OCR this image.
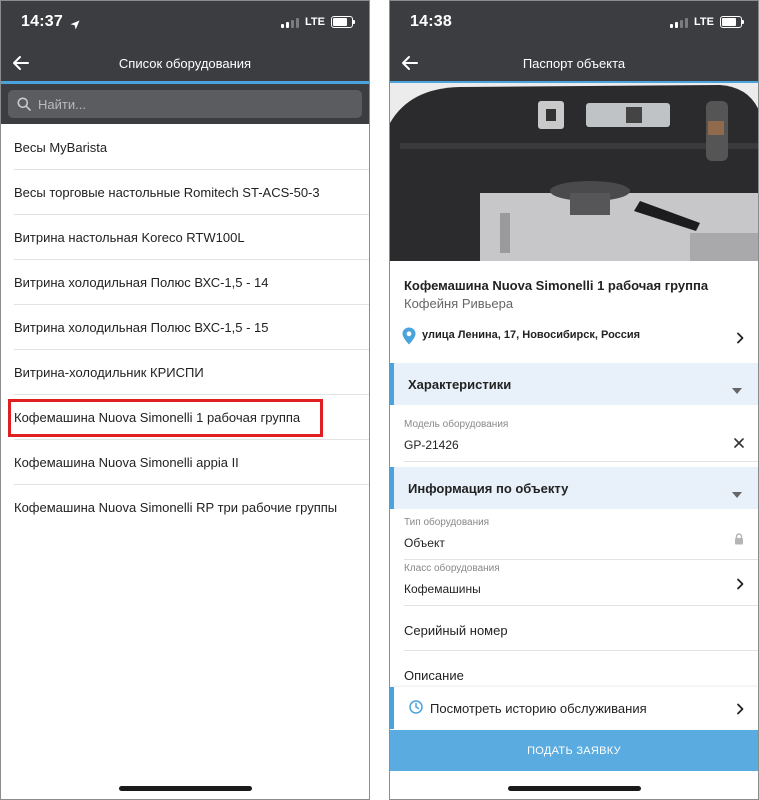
14:37	LTE
Список оборудования
Найти...
Весы MyBarista
Весы торговые настольные Romitech ST-ACS-50-3
Витрина настольная Koreco RTW100L
Витрина холодильная Полюс ВХС-1,5 - 14
Витрина холодильная Полюс ВХС-1,5 - 15
Витрина-холодильник КРИСПИ
Кофемашина Nuova Simonelli 1 рабочая группа
Кофемашина Nuova Simonelli appia II
Кофемашина Nuova Simonelli RP три рабочие группы
14:38	LTE
Паспорт объекта
Кофемашина Nuova Simonelli 1 рабочая группа
Кофейня Ривьера
улица Ленина, 17, Новосибирск, Россия
Характеристики
Модель оборудования
GP-21426
Информация по объекту
Тип оборудования
Объект
Класс оборудования
Кофемашины
Серийный номер
Описание
Посмотреть историю обслуживания
ПОДАТЬ ЗАЯВКУ
